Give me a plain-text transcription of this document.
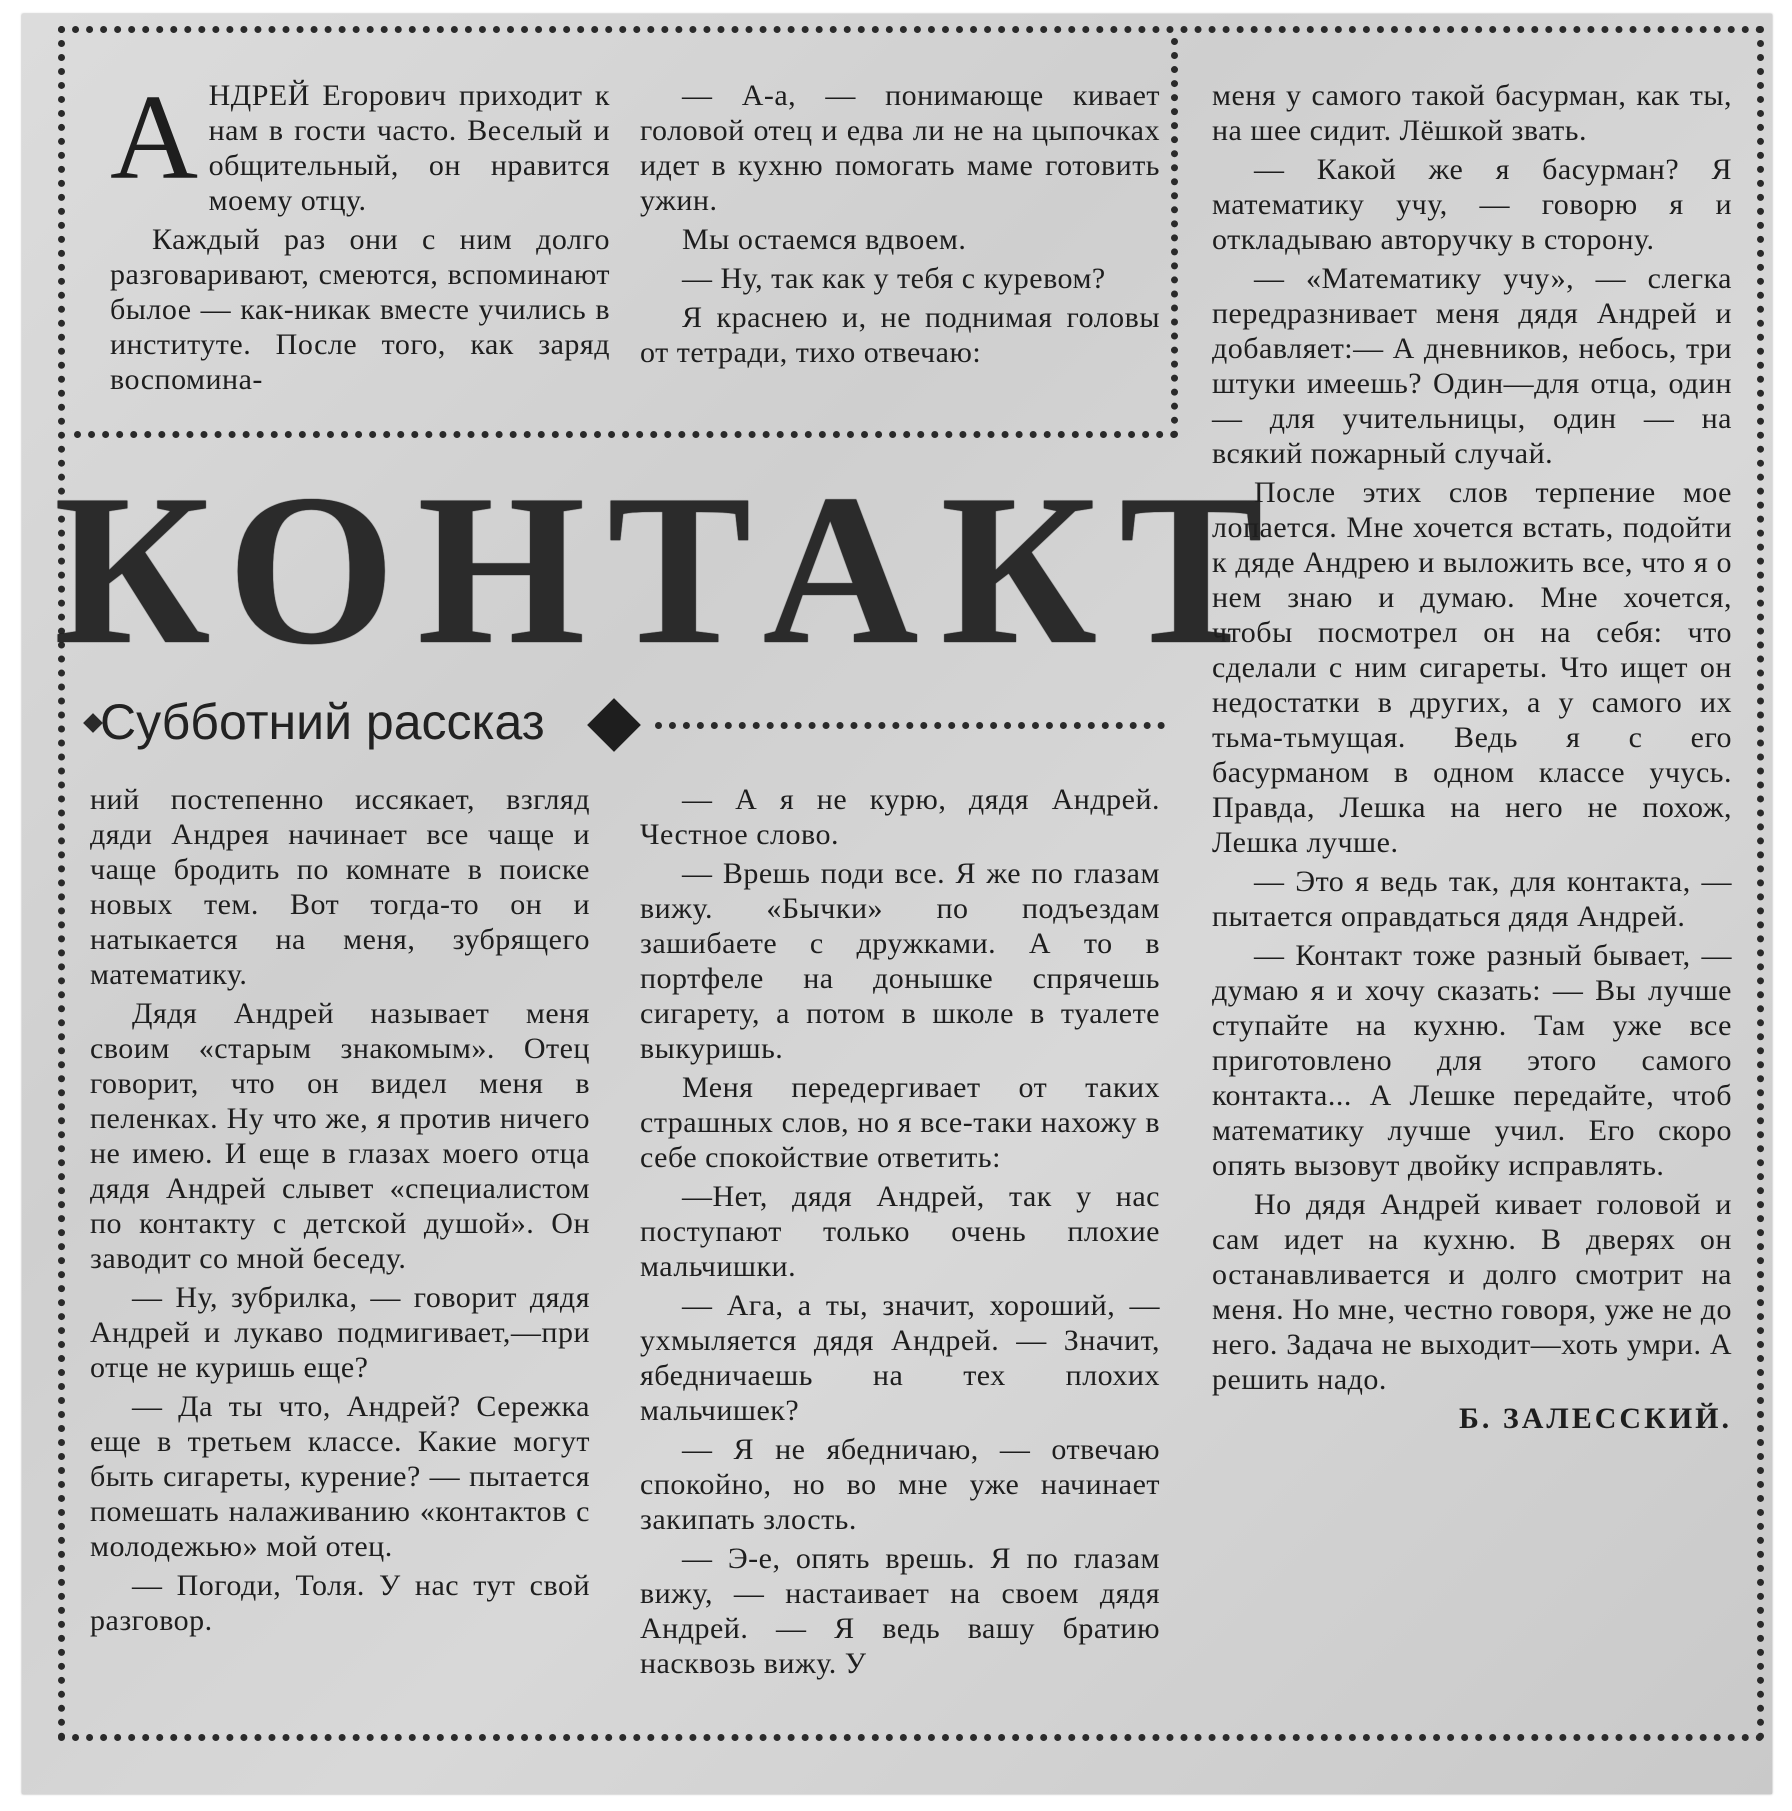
А НДРЕЙ Егорович приходит к нам в гости часто. Веселый и общительный, он нравится моему отцу.

Каждый раз они с ним долго разговаривают, смеются, вспоминают былое — как-никак вместе учились в институте. После того, как заряд воспомина-

— А-а, — понимающе кивает головой отец и едва ли не на цыпочках идет в кухню помогать маме готовить ужин.

Мы остаемся вдвоем.

— Ну, так как у тебя с куревом?

Я краснею и, не поднимая головы от тетради, тихо отвечаю:

КОНТАКТ
Субботний рассказ

ний постепенно иссякает, взгляд дяди Андрея начинает все чаще и чаще бродить по комнате в поиске новых тем. Вот тогда-то он и натыкается на меня, зубрящего математику.

Дядя Андрей называет меня своим «старым знакомым». Отец говорит, что он видел меня в пеленках. Ну что же, я против ничего не имею. И еще в глазах моего отца дядя Андрей слывет «специалистом по контакту с детской душой». Он заводит со мной беседу.

— Ну, зубрилка, — говорит дядя Андрей и лукаво подмигивает,—при отце не куришь еще?

— Да ты что, Андрей? Сережка еще в третьем классе. Какие могут быть сигареты, курение? — пытается помешать налаживанию «контактов с молодежью» мой отец.

— Погоди, Толя. У нас тут свой разговор.

— А я не курю, дядя Андрей. Честное слово.

— Врешь поди все. Я же по глазам вижу. «Бычки» по подъездам зашибаете с дружками. А то в портфеле на донышке спрячешь сигарету, а потом в школе в туалете выкуришь.

Меня передергивает от таких страшных слов, но я все-таки нахожу в себе спокойствие ответить:

—Нет, дядя Андрей, так у нас поступают только очень плохие мальчишки.

— Ага, а ты, значит, хороший, — ухмыляется дядя Андрей. — Значит, ябедничаешь на тех плохих мальчишек?

— Я не ябедничаю, — отвечаю спокойно, но во мне уже начинает закипать злость.

— Э-е, опять врешь. Я по глазам вижу, — настаивает на своем дядя Андрей. — Я ведь вашу братию насквозь вижу. У

меня у самого такой басурман, как ты, на шее сидит. Лёшкой звать.

— Какой же я басурман? Я математику учу, — говорю я и откладываю авторучку в сторону.

— «Математику учу», — слегка передразнивает меня дядя Андрей и добавляет:— А дневников, небось, три штуки имеешь? Один—для отца, один — для учительницы, один — на всякий пожарный случай.

После этих слов терпение мое лопается. Мне хочется встать, подойти к дяде Андрею и выложить все, что я о нем знаю и думаю. Мне хочется, чтобы посмотрел он на себя: что сделали с ним сигареты. Что ищет он недостатки в других, а у самого их тьма-тьмущая. Ведь я с его басурманом в одном классе учусь. Правда, Лешка на него не похож, Лешка лучше.

— Это я ведь так, для контакта, — пытается оправдаться дядя Андрей.

— Контакт тоже разный бывает, — думаю я и хочу сказать: — Вы лучше ступайте на кухню. Там уже все приготовлено для этого самого контакта... А Лешке передайте, чтоб математику лучше учил. Его скоро опять вызовут двойку исправлять.

Но дядя Андрей кивает головой и сам идет на кухню. В дверях он останавливается и долго смотрит на меня. Но мне, честно говоря, уже не до него. Задача не выходит—хоть умри. А решить надо.

Б. ЗАЛЕССКИЙ.
